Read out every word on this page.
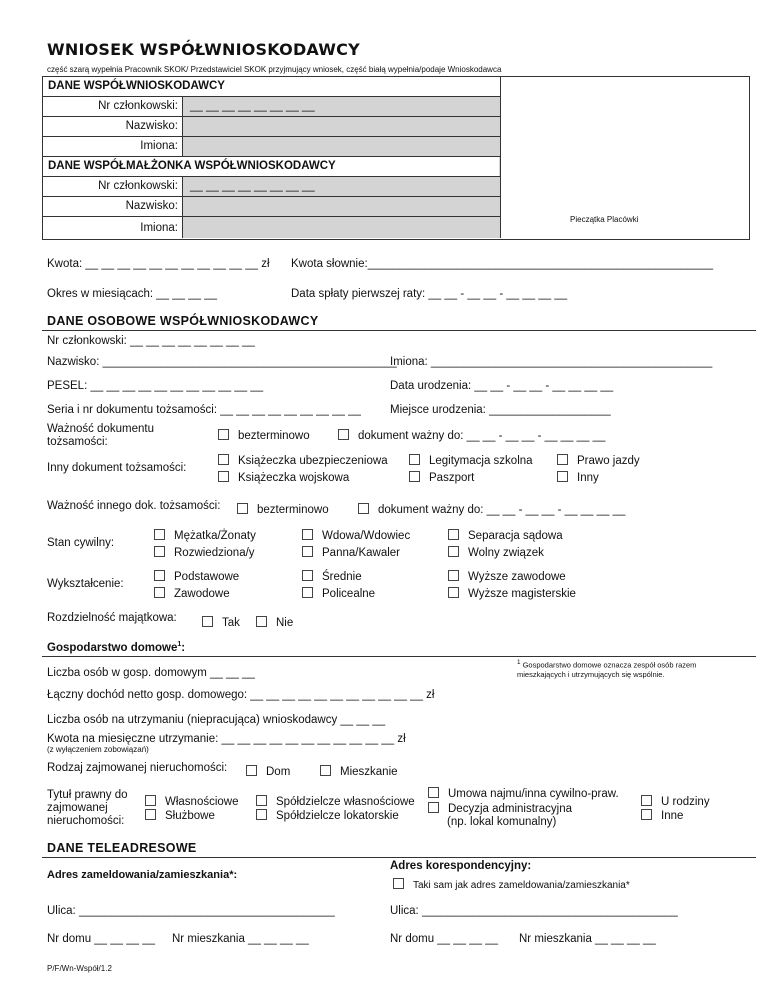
WNIOSEK WSPÓŁWNIOSKODAWCY
część szarą wypełnia Pracownik SKOK/ Przedstawiciel SKOK przyjmujący wniosek, część białą wypełnia/podaje Wnioskodawca
DANE WSPÓŁWNIOSKODAWCY
Nr członkowski: __ __ __ __ __ __ __ __
Nazwisko:
Imiona:
DANE WSPÓŁMAŁŻONKA WSPÓŁWNIOSKODAWCY
Nr członkowski: __ __ __ __ __ __ __ __
Nazwisko:
Imiona:
Pieczątka Placówki
Kwota: __ __ __ __ __ __ __ __ __ __ __ zł Kwota słownie:______________________________________________________
Okres w miesiącach: __ __ __ __	Data spłaty pierwszej raty: __ __ - __ __ - __ __ __ __
DANE OSOBOWE WSPÓŁWNIOSKODAWCY
Nr członkowski: __ __ __ __ __ __ __ __
Nazwisko: ______________________________________________
Imiona: ____________________________________________
PESEL: __ __ __ __ __ __ __ __ __ __ __	Data urodzenia: __ __ - __ __ - __ __ __ __
Seria i nr dokumentu tożsamości: __ __ __ __ __ __ __ __ __	Miejsce urodzenia: ___________________
Ważność dokumentu
tożsamości:	bezterminowo	dokument ważny do: __ __ - __ __ - __ __ __ __
Inny dokument tożsamości:
Książeczka ubezpieczeniowa	Legitymacja szkolna	Prawo jazdy
Książeczka wojskowa	Paszport	Inny
Ważność innego dok. tożsamości:	bezterminowo	dokument ważny do: __ __ - __ __ - __ __ __ __
Stan cywilny:
Mężatka/Żonaty	Wdowa/Wdowiec	Separacja sądowa
Rozwiedziona/y	Panna/Kawaler	Wolny związek
Wykształcenie:
Podstawowe	Średnie	Wyższe zawodowe
Zawodowe	Policealne	Wyższe magisterskie
Rozdzielność majątkowa:	Tak	Nie
Gospodarstwo domowe$^1$:
Liczba osób w gosp. domowym __ __ __
$^1$ Gospodarstwo domowe oznacza zespół osób razem mieszkających i utrzymujących się wspólnie.
Łączny dochód netto gosp. domowego: __ __ __ __ __ __ __ __ __ __ __ zł
Liczba osób na utrzymaniu (niepracująca) wnioskodawcy __ __ __
Kwota na miesięczne utrzymanie: __ __ __ __ __ __ __ __ __ __ __ zł
(z wyłączeniem zobowiązań)
Rodzaj zajmowanej nieruchomości:	Dom	Mieszkanie
Tytuł prawny do
zajmowanej
nieruchomości:
Własnościowe	Spółdzielcze własnościowe
Służbowe	Spółdzielcze lokatorskie
Umowa najmu/inna cywilno-praw.
Decyzja administracyjna
(np. lokal komunalny)
U rodziny
Inne
DANE TELEADRESOWE
Adres zameldowania/zamieszkania*:
Adres korespondencyjny:
Taki sam jak adres zameldowania/zamieszkania*
Ulica: ________________________________________	Ulica: ________________________________________
Nr domu __ __ __ __ Nr mieszkania __ __ __ __	Nr domu __ __ __ __ Nr mieszkania __ __ __ __
P/F/Wn-Współ/1.2
